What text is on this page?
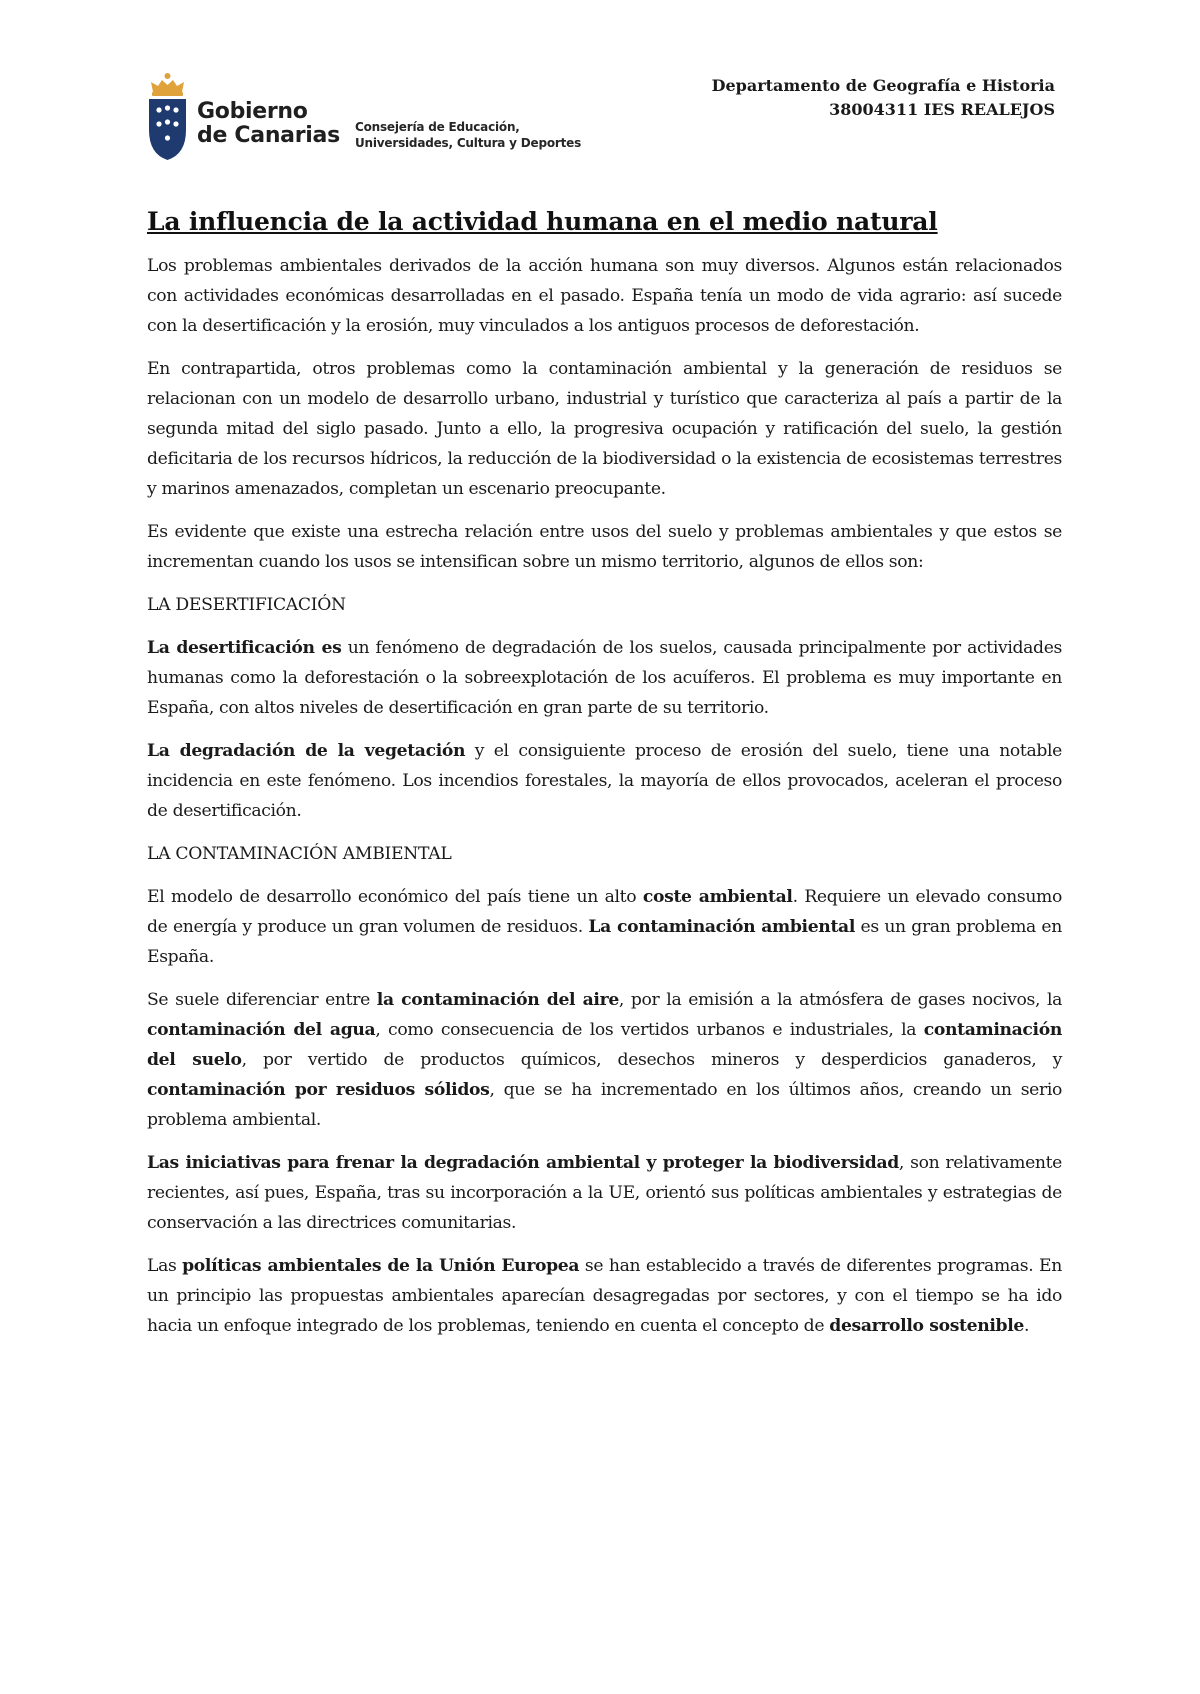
Gobierno
de Canarias Consejería de Educación,
Universidades, Cultura y Deportes
Departamento de Geografía e Historia
38004311 IES REALEJOS
La influencia de la actividad humana en el medio natural

Los problemas ambientales derivados de la acción humana son muy diversos. Algunos están relacionados con actividades económicas desarrolladas en el pasado. España tenía un modo de vida agrario: así sucede con la desertificación y la erosión, muy vinculados a los antiguos procesos de deforestación.

En contrapartida, otros problemas como la contaminación ambiental y la generación de residuos se relacionan con un modelo de desarrollo urbano, industrial y turístico que caracteriza al país a partir de la segunda mitad del siglo pasado. Junto a ello, la progresiva ocupación y ratificación del suelo, la gestión deficitaria de los recursos hídricos, la reducción de la biodiversidad o la existencia de ecosistemas terrestres y marinos amenazados, completan un escenario preocupante.

Es evidente que existe una estrecha relación entre usos del suelo y problemas ambientales y que estos se incrementan cuando los usos se intensifican sobre un mismo territorio, algunos de ellos son:

LA DESERTIFICACIÓN

La desertificación es un fenómeno de degradación de los suelos, causada principalmente por actividades humanas como la deforestación o la sobreexplotación de los acuíferos. El problema es muy importante en España, con altos niveles de desertificación en gran parte de su territorio.

La degradación de la vegetación y el consiguiente proceso de erosión del suelo, tiene una notable incidencia en este fenómeno. Los incendios forestales, la mayoría de ellos provocados, aceleran el proceso de desertificación.

LA CONTAMINACIÓN AMBIENTAL

El modelo de desarrollo económico del país tiene un alto coste ambiental. Requiere un elevado consumo de energía y produce un gran volumen de residuos. La contaminación ambiental es un gran problema en España.

Se suele diferenciar entre la contaminación del aire, por la emisión a la atmósfera de gases nocivos, la contaminación del agua, como consecuencia de los vertidos urbanos e industriales, la contaminación del suelo, por vertido de productos químicos, desechos mineros y desperdicios ganaderos, y contaminación por residuos sólidos, que se ha incrementado en los últimos años, creando un serio problema ambiental.

Las iniciativas para frenar la degradación ambiental y proteger la biodiversidad, son relativamente recientes, así pues, España, tras su incorporación a la UE, orientó sus políticas ambientales y estrategias de conservación a las directrices comunitarias.

Las políticas ambientales de la Unión Europea se han establecido a través de diferentes programas. En un principio las propuestas ambientales aparecían desagregadas por sectores, y con el tiempo se ha ido hacia un enfoque integrado de los problemas, teniendo en cuenta el concepto de desarrollo sostenible.
